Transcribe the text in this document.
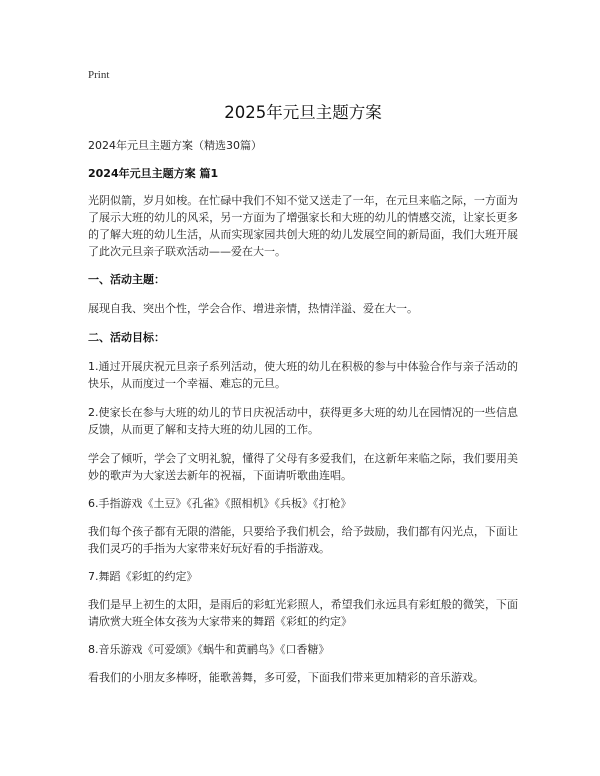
Print
2025年元旦主题方案
2024年元旦主题方案（精选30篇）
2024年元旦主题方案 篇1

光阴似箭，岁月如梭。在忙碌中我们不知不觉又送走了一年，在元旦来临之际，一方面为了展示大班的幼儿的风采，另一方面为了增强家长和大班的幼儿的情感交流，让家长更多的了解大班的幼儿生活，从而实现家园共创大班的幼儿发展空间的新局面，我们大班开展了此次元旦亲子联欢活动——爱在大一。

一、活动主题：

展现自我、突出个性，学会合作、增进亲情，热情洋溢、爱在大一。

二、活动目标：

1.通过开展庆祝元旦亲子系列活动，使大班的幼儿在积极的参与中体验合作与亲子活动的快乐，从而度过一个幸福、难忘的元旦。

2.使家长在参与大班的幼儿的节日庆祝活动中，获得更多大班的幼儿在园情况的一些信息反馈，从而更了解和支持大班的幼儿园的工作。

学会了倾听，学会了文明礼貌，懂得了父母有多爱我们，在这新年来临之际，我们要用美妙的歌声为大家送去新年的祝福，下面请听歌曲连唱。

6.手指游戏《土豆》《孔雀》《照相机》《兵板》《打枪》

我们每个孩子都有无限的潜能，只要给予我们机会，给予鼓励，我们都有闪光点，下面让我们灵巧的手指为大家带来好玩好看的手指游戏。

7.舞蹈《彩虹的约定》

我们是早上初生的太阳，是雨后的彩虹光彩照人，希望我们永远具有彩虹般的微笑，下面请欣赏大班全体女孩为大家带来的舞蹈《彩虹的约定》

8.音乐游戏《可爱颂》《蜗牛和黄鹂鸟》《口香糖》

看我们的小朋友多棒呀，能歌善舞，多可爱，下面我们带来更加精彩的音乐游戏。
